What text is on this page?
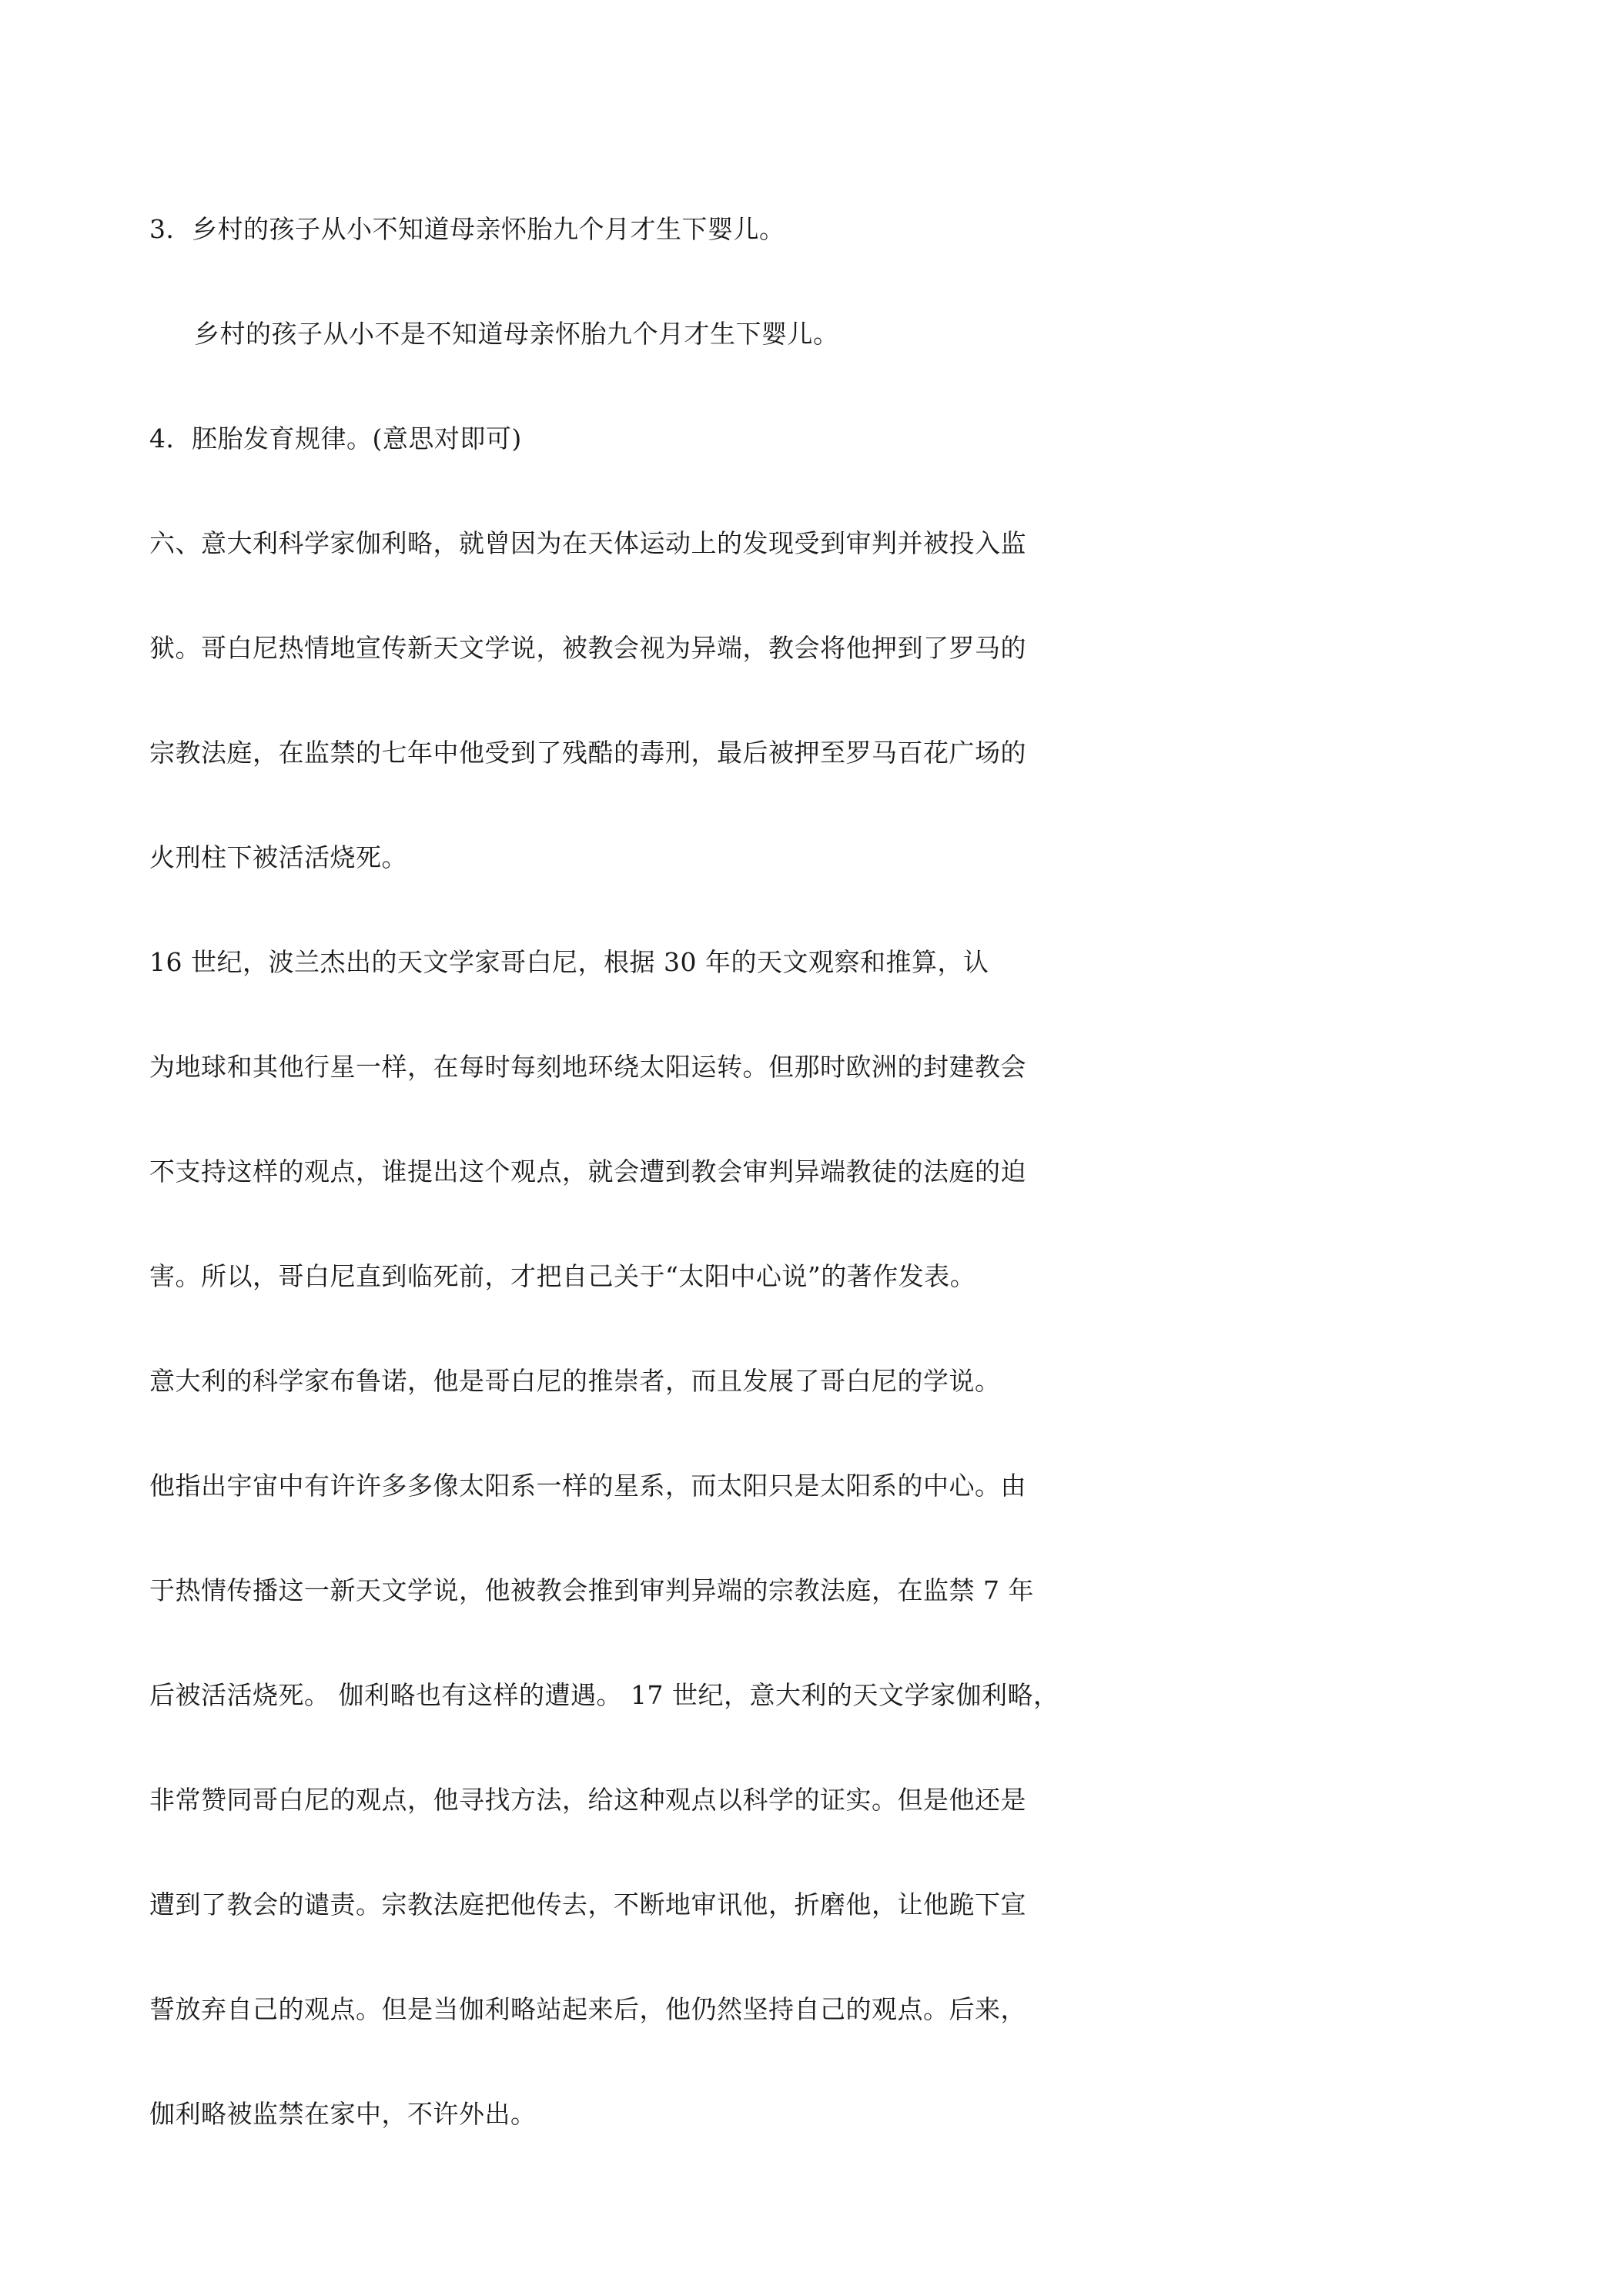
3．乡村的孩子从小不知道母亲怀胎九个月才生下婴儿。

乡村的孩子从小不是不知道母亲怀胎九个月才生下婴儿。

4．胚胎发育规律。(意思对即可)

六、意大利科学家伽利略，就曾因为在天体运动上的发现受到审判并被投入监

狱。哥白尼热情地宣传新天文学说，被教会视为异端，教会将他押到了罗马的

宗教法庭，在监禁的七年中他受到了残酷的毒刑，最后被押至罗马百花广场的

火刑柱下被活活烧死。

16 世纪，波兰杰出的天文学家哥白尼，根据 30 年的天文观察和推算，认

为地球和其他行星一样，在每时每刻地环绕太阳运转。但那时欧洲的封建教会

不支持这样的观点，谁提出这个观点，就会遭到教会审判异端教徒的法庭的迫

害。所以，哥白尼直到临死前，才把自己关于“太阳中心说”的著作发表。

意大利的科学家布鲁诺，他是哥白尼的推崇者，而且发展了哥白尼的学说。

他指出宇宙中有许许多多像太阳系一样的星系，而太阳只是太阳系的中心。由

于热情传播这一新天文学说，他被教会推到审判异端的宗教法庭，在监禁 7 年

后被活活烧死。 伽利略也有这样的遭遇。 17 世纪，意大利的天文学家伽利略，

非常赞同哥白尼的观点，他寻找方法，给这种观点以科学的证实。但是他还是

遭到了教会的谴责。宗教法庭把他传去，不断地审讯他，折磨他，让他跪下宣

誓放弃自己的观点。但是当伽利略站起来后，他仍然坚持自己的观点。后来，

伽利略被监禁在家中，不许外出。
